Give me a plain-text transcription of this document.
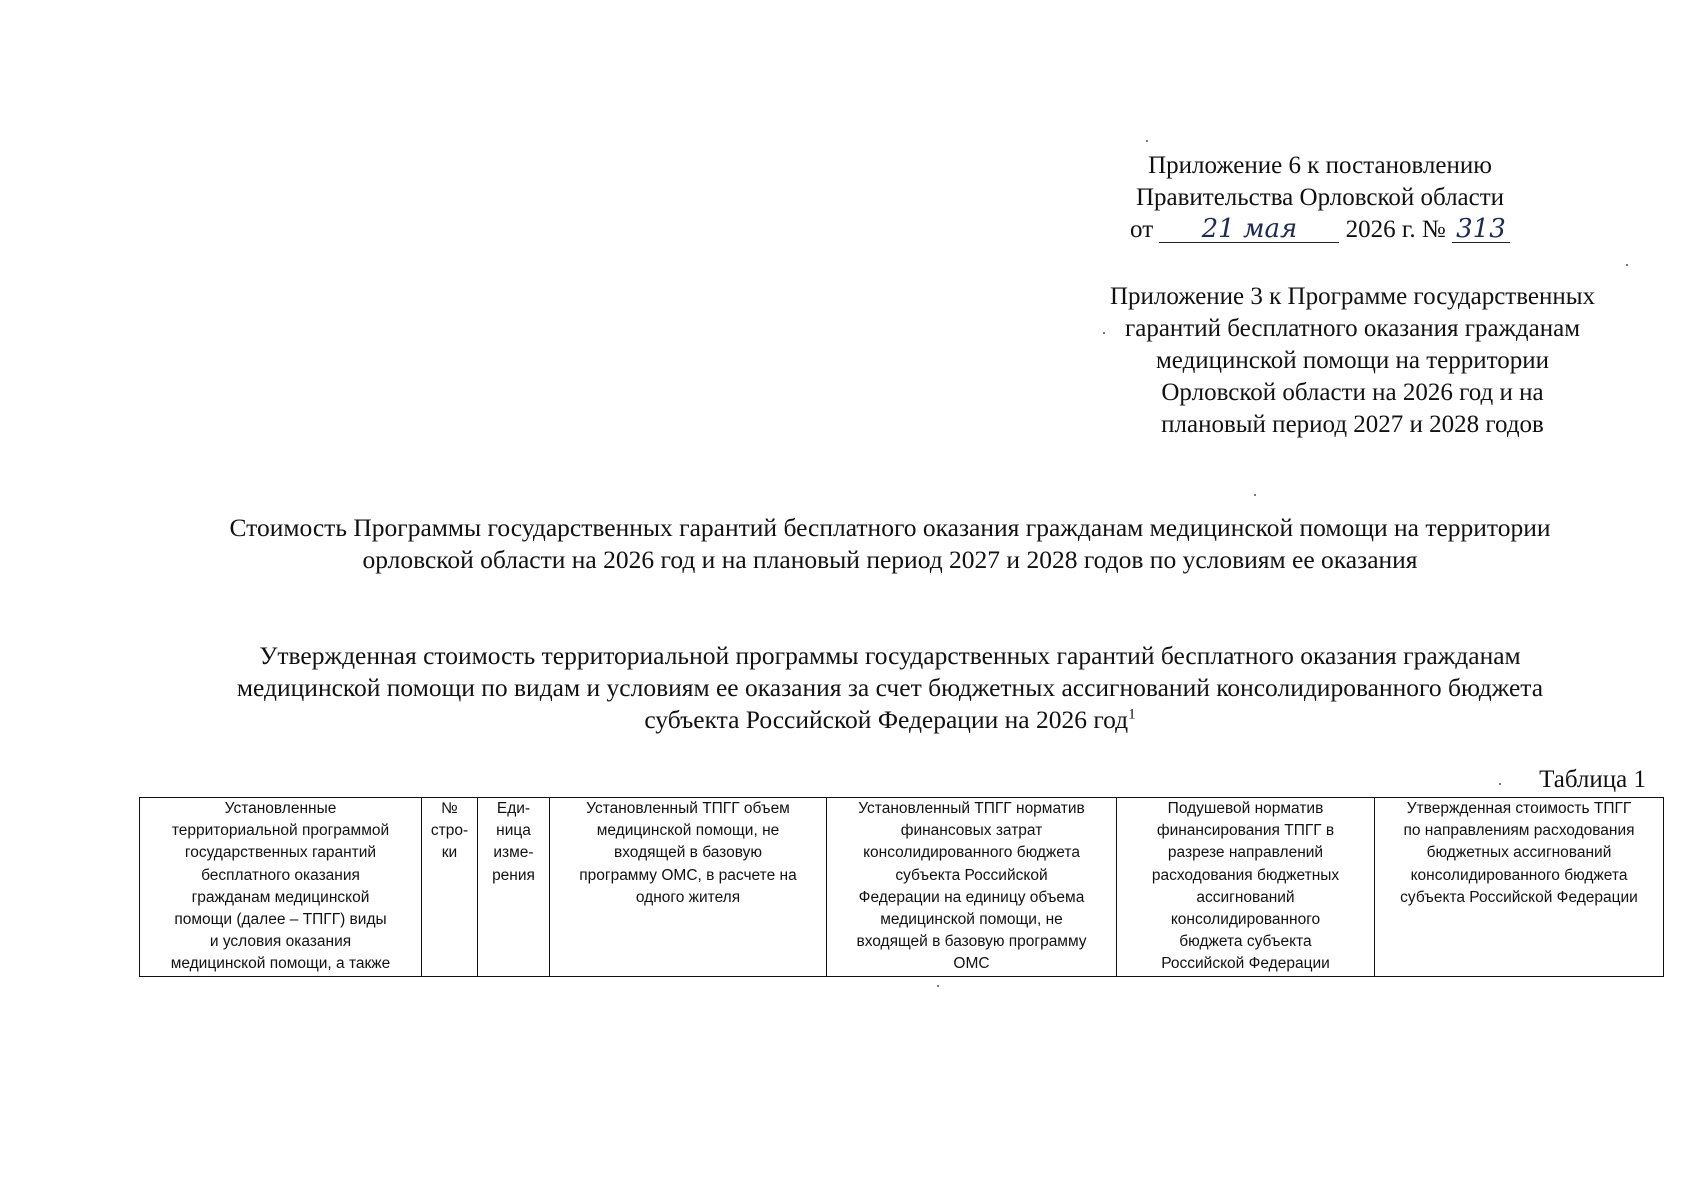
Приложение 6 к постановлению
Правительства Орловской области
от 21 мая 2026 г. № 313
Приложение 3 к Программе государственных
гарантий бесплатного оказания гражданам
медицинской помощи на территории
Орловской области на 2026 год и на
плановый период 2027 и 2028 годов
Стоимость Программы государственных гарантий бесплатного оказания гражданам медицинской помощи на территории
орловской области на 2026 год и на плановый период 2027 и 2028 годов по условиям ее оказания
Утвержденная стоимость территориальной программы государственных гарантий бесплатного оказания гражданам
медицинской помощи по видам и условиям ее оказания за счет бюджетных ассигнований консолидированного бюджета
субъекта Российской Федерации на 2026 год$^1$
Таблица 1
Установленные
территориальной программой
государственных гарантий
бесплатного оказания
гражданам медицинской
помощи (далее – ТПГГ) виды
и условия оказания
медицинской помощи, а также

№
стро-
ки

Еди-
ница
изме-
рения

Установленный ТПГГ объем
медицинской помощи, не
входящей в базовую
программу ОМС, в расчете на
одного жителя

Установленный ТПГГ норматив
финансовых затрат
консолидированного бюджета
субъекта Российской
Федерации на единицу объема
медицинской помощи, не
входящей в базовую программу
ОМС

Подушевой норматив
финансирования ТПГГ в
разрезе направлений
расходования бюджетных
ассигнований
консолидированного
бюджета субъекта
Российской Федерации

Утвержденная стоимость ТПГГ
по направлениям расходования
бюджетных ассигнований
консолидированного бюджета
субъекта Российской Федерации
